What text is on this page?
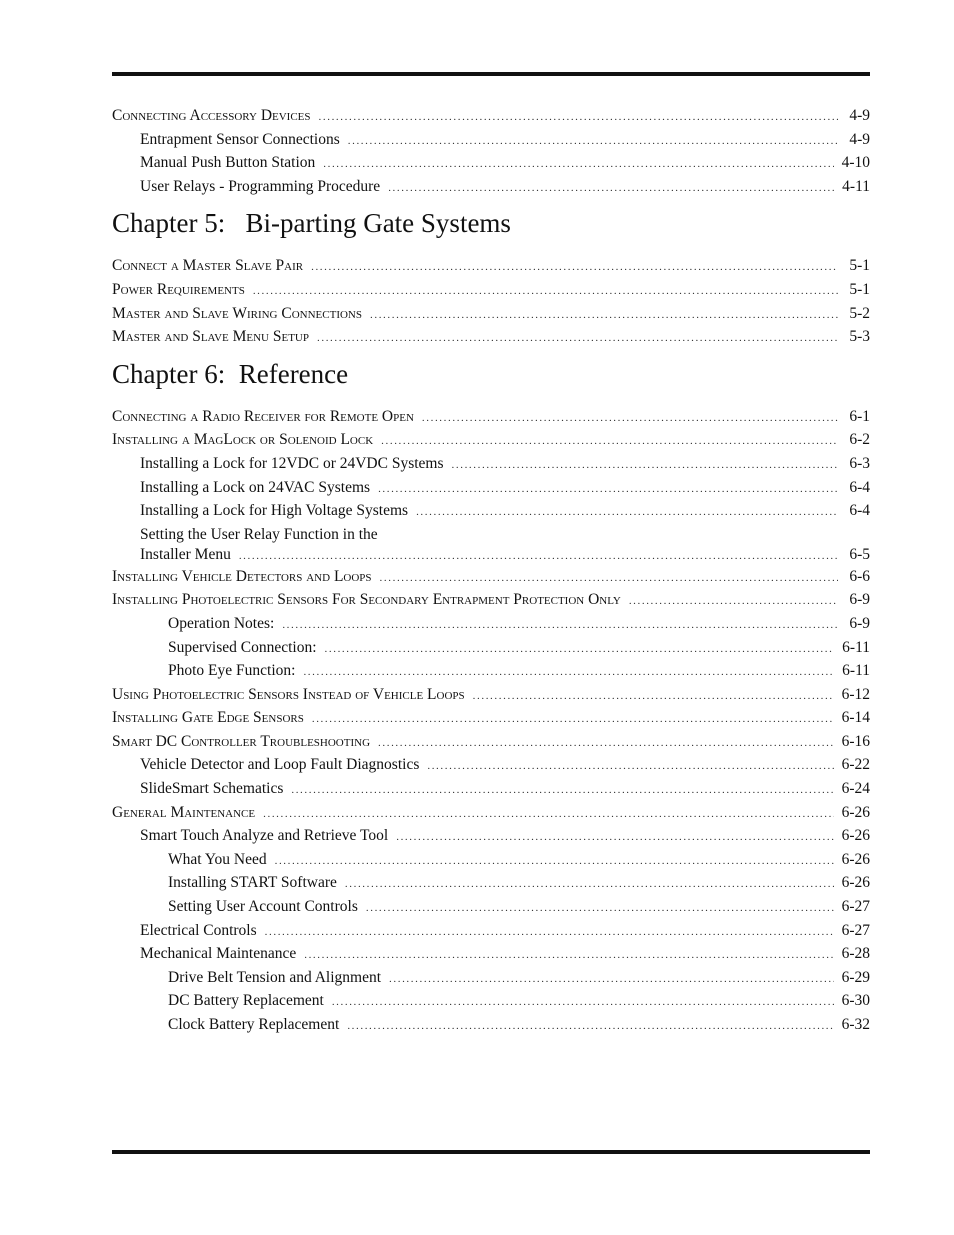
Connecting Accessory Devices .....	4-9
Entrapment Sensor Connections .....	4-9
Manual Push Button Station .....	4-10
User Relays - Programming Procedure .....	4-11
Chapter 5:   Bi-parting Gate Systems
Connect a Master Slave Pair .....	5-1
Power Requirements .....	5-1
Master and Slave Wiring Connections .....	5-2
Master and Slave Menu Setup .....	5-3
Chapter 6:  Reference
Connecting a Radio Receiver for Remote Open .....	6-1
Installing a MagLock or Solenoid Lock .....	6-2
Installing a Lock for 12VDC or 24VDC Systems .....	6-3
Installing a Lock on 24VAC Systems .....	6-4
Installing a Lock for High Voltage Systems .....	6-4
Setting the User Relay Function in the
Installer Menu .....	6-5
Installing Vehicle Detectors and Loops .....	6-6
Installing Photoelectric Sensors For Secondary Entrapment Protection Only .....	6-9
Operation Notes: .....	6-9
Supervised Connection: .....	6-11
Photo Eye Function: .....	6-11
Using Photoelectric Sensors Instead of Vehicle Loops .....	6-12
Installing Gate Edge Sensors .....	6-14
Smart DC Controller Troubleshooting .....	6-16
Vehicle Detector and Loop Fault Diagnostics .....	6-22
SlideSmart Schematics .....	6-24
General Maintenance .....	6-26
Smart Touch Analyze and Retrieve Tool .....	6-26
What You Need .....	6-26
Installing START Software .....	6-26
Setting User Account Controls .....	6-27
Electrical Controls .....	6-27
Mechanical Maintenance .....	6-28
Drive Belt Tension and Alignment .....	6-29
DC Battery Replacement .....	6-30
Clock Battery Replacement .....	6-32
